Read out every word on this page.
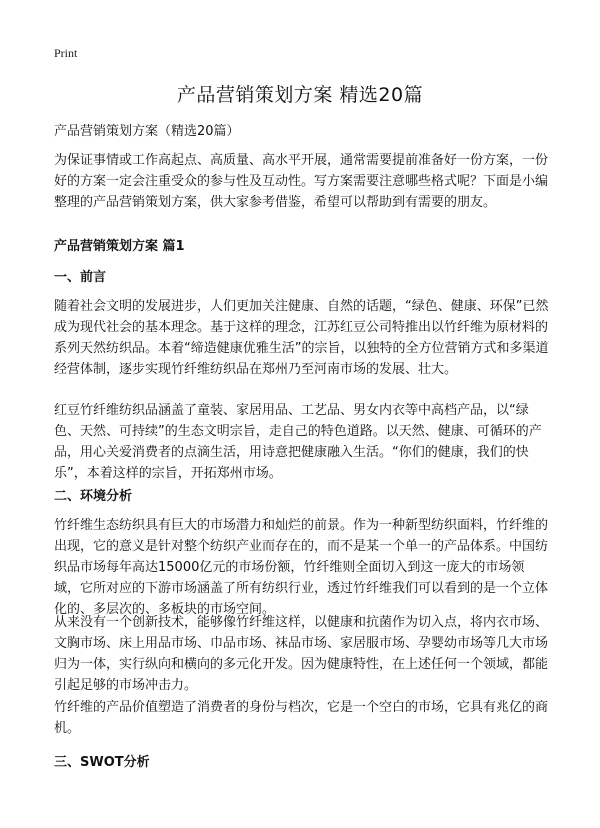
Print
产品营销策划方案 精选20篇

产品营销策划方案（精选20篇）

为保证事情或工作高起点、高质量、高水平开展，通常需要提前准备好一份方案，一份好的方案一定会注重受众的参与性及互动性。写方案需要注意哪些格式呢？下面是小编整理的产品营销策划方案，供大家参考借鉴，希望可以帮助到有需要的朋友。

产品营销策划方案 篇1
一、前言

随着社会文明的发展进步，人们更加关注健康、自然的话题，“绿色、健康、环保”已然成为现代社会的基本理念。基于这样的理念，江苏红豆公司特推出以竹纤维为原材料的系列天然纺织品。本着“缔造健康优雅生活”的宗旨，以独特的全方位营销方式和多渠道经营体制，逐步实现竹纤维纺织品在郑州乃至河南市场的发展、壮大。

红豆竹纤维纺织品涵盖了童装、家居用品、工艺品、男女内衣等中高档产品，以“绿色、天然、可持续”的生态文明宗旨，走自己的特色道路。以天然、健康、可循环的产品，用心关爱消费者的点滴生活，用诗意把健康融入生活。“你们的健康，我们的快乐”，本着这样的宗旨，开拓郑州市场。

二、环境分析

竹纤维生态纺织具有巨大的市场潜力和灿烂的前景。作为一种新型纺织面料，竹纤维的出现，它的意义是针对整个纺织产业而存在的，而不是某一个单一的产品体系。中国纺织品市场每年高达15000亿元的市场份额，竹纤维则全面切入到这一庞大的市场领域，它所对应的下游市场涵盖了所有纺织行业，透过竹纤维我们可以看到的是一个立体化的、多层次的、多板块的市场空间。

从来没有一个创新技术，能够像竹纤维这样，以健康和抗菌作为切入点，将内衣市场、文胸市场、床上用品市场、巾品市场、袜品市场、家居服市场、孕婴幼市场等几大市场归为一体，实行纵向和横向的多元化开发。因为健康特性，在上述任何一个领域，都能引起足够的市场冲击力。

竹纤维的产品价值塑造了消费者的身份与档次，它是一个空白的市场，它具有兆亿的商机。

三、SWOT分析
